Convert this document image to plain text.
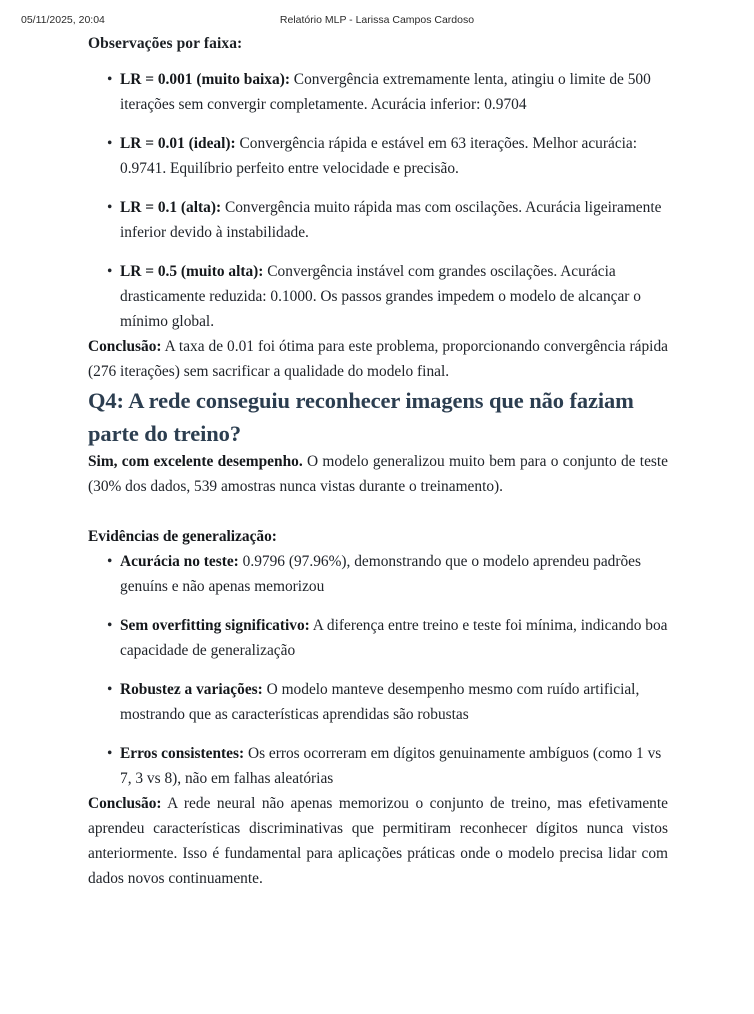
05/11/2025, 20:04	Relatório MLP - Larissa Campos Cardoso
Observações por faixa:
• LR = 0.001 (muito baixa): Convergência extremamente lenta, atingiu o limite de 500 iterações sem convergir completamente. Acurácia inferior: 0.9704
• LR = 0.01 (ideal): Convergência rápida e estável em 63 iterações. Melhor acurácia: 0.9741. Equilíbrio perfeito entre velocidade e precisão.
• LR = 0.1 (alta): Convergência muito rápida mas com oscilações. Acurácia ligeiramente inferior devido à instabilidade.
• LR = 0.5 (muito alta): Convergência instável com grandes oscilações. Acurácia drasticamente reduzida: 0.1000. Os passos grandes impedem o modelo de alcançar o mínimo global.

Conclusão: A taxa de 0.01 foi ótima para este problema, proporcionando convergência rápida (276 iterações) sem sacrificar a qualidade do modelo final.

Q4: A rede conseguiu reconhecer imagens que não faziam parte do treino?

Sim, com excelente desempenho. O modelo generalizou muito bem para o conjunto de teste (30% dos dados, 539 amostras nunca vistas durante o treinamento).

Evidências de generalização:
• Acurácia no teste: 0.9796 (97.96%), demonstrando que o modelo aprendeu padrões genuíns e não apenas memorizou
• Sem overfitting significativo: A diferença entre treino e teste foi mínima, indicando boa capacidade de generalização
• Robustez a variações: O modelo manteve desempenho mesmo com ruído artificial, mostrando que as características aprendidas são robustas
• Erros consistentes: Os erros ocorreram em dígitos genuinamente ambíguos (como 1 vs 7, 3 vs 8), não em falhas aleatórias

Conclusão: A rede neural não apenas memorizou o conjunto de treino, mas efetivamente aprendeu características discriminativas que permitiram reconhecer dígitos nunca vistos anteriormente. Isso é fundamental para aplicações práticas onde o modelo precisa lidar com dados novos continuamente.
